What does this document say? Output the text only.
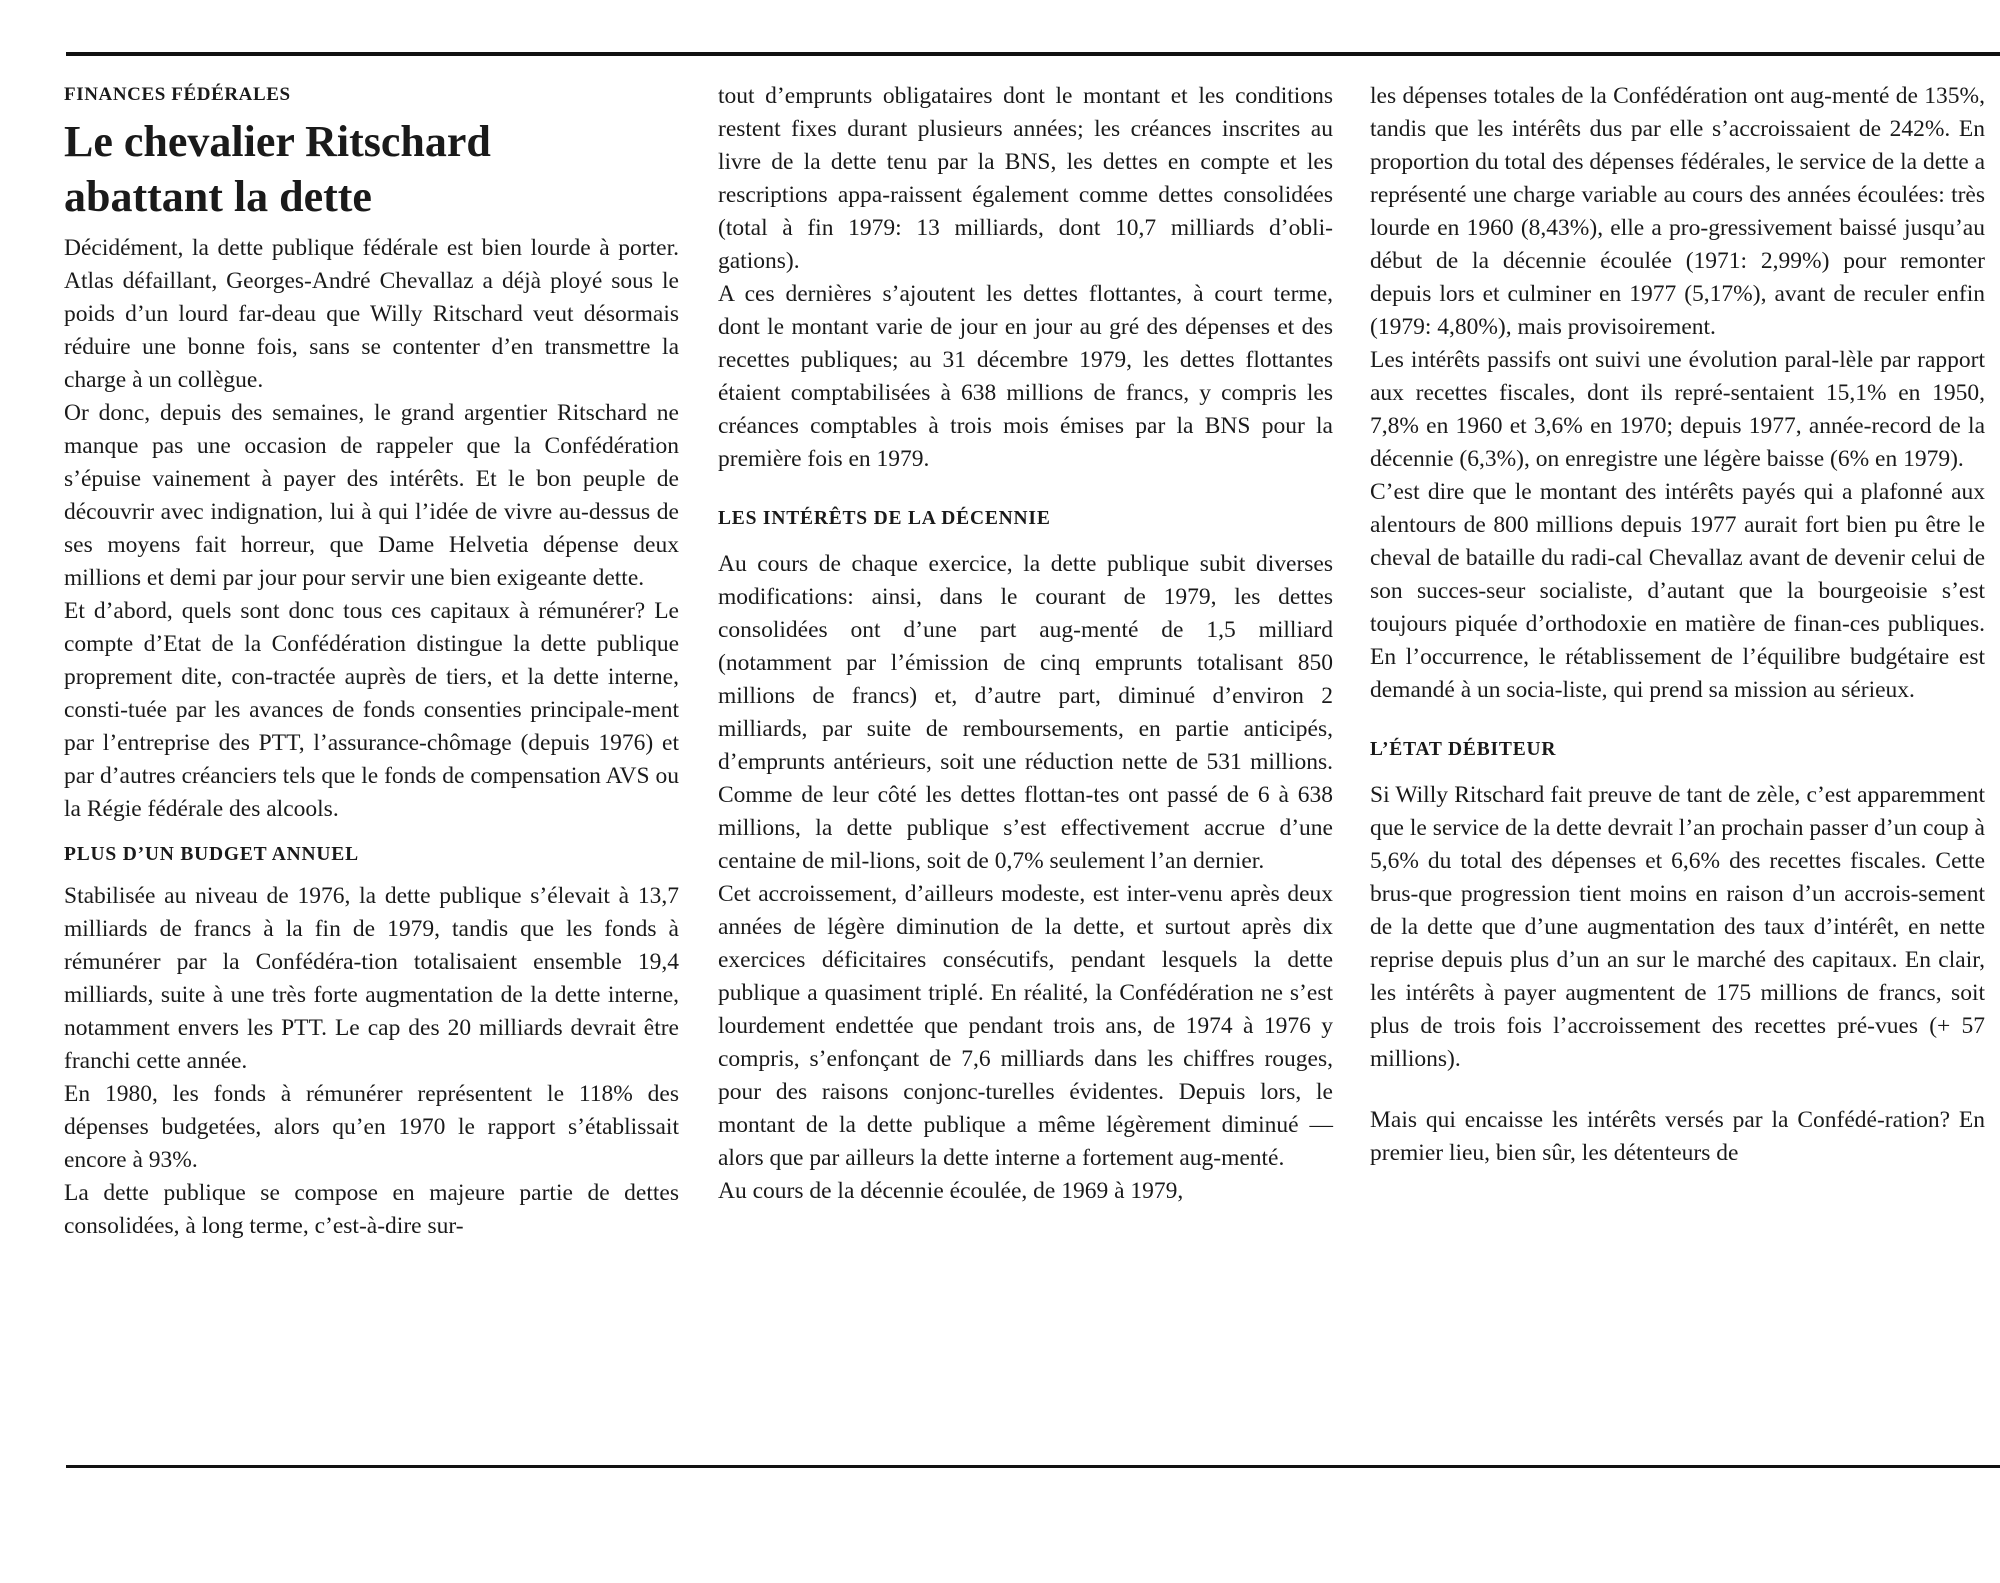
FINANCES FÉDÉRALES
Le chevalier Ritschard
abattant la dette

Décidément, la dette publique fédérale est bien lourde à porter. Atlas défaillant, Georges-André Chevallaz a déjà ployé sous le poids d’un lourd far-deau que Willy Ritschard veut désormais réduire une bonne fois, sans se contenter d’en transmettre la charge à un collègue.

Or donc, depuis des semaines, le grand argentier Ritschard ne manque pas une occasion de rappeler que la Confédération s’épuise vainement à payer des intérêts. Et le bon peuple de découvrir avec indignation, lui à qui l’idée de vivre au-dessus de ses moyens fait horreur, que Dame Helvetia dépense deux millions et demi par jour pour servir une bien exigeante dette.

Et d’abord, quels sont donc tous ces capitaux à rémunérer? Le compte d’Etat de la Confédération distingue la dette publique proprement dite, con-tractée auprès de tiers, et la dette interne, consti-tuée par les avances de fonds consenties principale-ment par l’entreprise des PTT, l’assurance-chômage (depuis 1976) et par d’autres créanciers tels que le fonds de compensation AVS ou la Régie fédérale des alcools.

PLUS D’UN BUDGET ANNUEL

Stabilisée au niveau de 1976, la dette publique s’élevait à 13,7 milliards de francs à la fin de 1979, tandis que les fonds à rémunérer par la Confédéra-tion totalisaient ensemble 19,4 milliards, suite à une très forte augmentation de la dette interne, notamment envers les PTT. Le cap des 20 milliards devrait être franchi cette année.

En 1980, les fonds à rémunérer représentent le 118% des dépenses budgetées, alors qu’en 1970 le rapport s’établissait encore à 93%.

La dette publique se compose en majeure partie de dettes consolidées, à long terme, c’est-à-dire sur-

tout d’emprunts obligataires dont le montant et les conditions restent fixes durant plusieurs années; les créances inscrites au livre de la dette tenu par la BNS, les dettes en compte et les rescriptions appa-raissent également comme dettes consolidées (total à fin 1979: 13 milliards, dont 10,7 milliards d’obli-gations).

A ces dernières s’ajoutent les dettes flottantes, à court terme, dont le montant varie de jour en jour au gré des dépenses et des recettes publiques; au 31 décembre 1979, les dettes flottantes étaient comptabilisées à 638 millions de francs, y compris les créances comptables à trois mois émises par la BNS pour la première fois en 1979.

LES INTÉRÊTS DE LA DÉCENNIE

Au cours de chaque exercice, la dette publique subit diverses modifications: ainsi, dans le courant de 1979, les dettes consolidées ont d’une part aug-menté de 1,5 milliard (notamment par l’émission de cinq emprunts totalisant 850 millions de francs) et, d’autre part, diminué d’environ 2 milliards, par suite de remboursements, en partie anticipés, d’emprunts antérieurs, soit une réduction nette de 531 millions. Comme de leur côté les dettes flottan-tes ont passé de 6 à 638 millions, la dette publique s’est effectivement accrue d’une centaine de mil-lions, soit de 0,7% seulement l’an dernier.

Cet accroissement, d’ailleurs modeste, est inter-venu après deux années de légère diminution de la dette, et surtout après dix exercices déficitaires consécutifs, pendant lesquels la dette publique a quasiment triplé. En réalité, la Confédération ne s’est lourdement endettée que pendant trois ans, de 1974 à 1976 y compris, s’enfonçant de 7,6 milliards dans les chiffres rouges, pour des raisons conjonc-turelles évidentes. Depuis lors, le montant de la dette publique a même légèrement diminué — alors que par ailleurs la dette interne a fortement aug-menté.

Au cours de la décennie écoulée, de 1969 à 1979,

les dépenses totales de la Confédération ont aug-menté de 135%, tandis que les intérêts dus par elle s’accroissaient de 242%. En proportion du total des dépenses fédérales, le service de la dette a représenté une charge variable au cours des années écoulées: très lourde en 1960 (8,43%), elle a pro-gressivement baissé jusqu’au début de la décennie écoulée (1971: 2,99%) pour remonter depuis lors et culminer en 1977 (5,17%), avant de reculer enfin (1979: 4,80%), mais provisoirement.

Les intérêts passifs ont suivi une évolution paral-lèle par rapport aux recettes fiscales, dont ils repré-sentaient 15,1% en 1950, 7,8% en 1960 et 3,6% en 1970; depuis 1977, année-record de la décennie (6,3%), on enregistre une légère baisse (6% en 1979).

C’est dire que le montant des intérêts payés qui a plafonné aux alentours de 800 millions depuis 1977 aurait fort bien pu être le cheval de bataille du radi-cal Chevallaz avant de devenir celui de son succes-seur socialiste, d’autant que la bourgeoisie s’est toujours piquée d’orthodoxie en matière de finan-ces publiques. En l’occurrence, le rétablissement de l’équilibre budgétaire est demandé à un socia-liste, qui prend sa mission au sérieux.

L’ÉTAT DÉBITEUR

Si Willy Ritschard fait preuve de tant de zèle, c’est apparemment que le service de la dette devrait l’an prochain passer d’un coup à 5,6% du total des dépenses et 6,6% des recettes fiscales. Cette brus-que progression tient moins en raison d’un accrois-sement de la dette que d’une augmentation des taux d’intérêt, en nette reprise depuis plus d’un an sur le marché des capitaux. En clair, les intérêts à payer augmentent de 175 millions de francs, soit plus de trois fois l’accroissement des recettes pré-vues (+ 57 millions).

Mais qui encaisse les intérêts versés par la Confédé-ration? En premier lieu, bien sûr, les détenteurs de
